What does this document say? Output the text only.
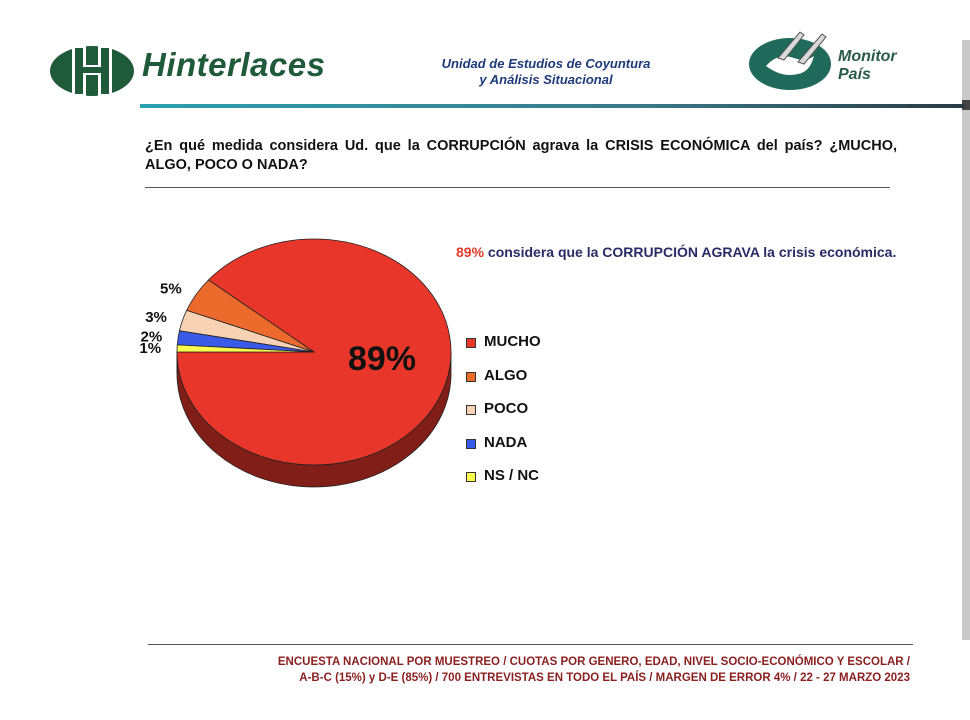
Hinterlaces	Unidad de Estudios de Coyuntura
y Análisis Situacional
Monitor
País
¿En qué medida considera Ud. que la CORRUPCIÓN agrava la CRISIS ECONÓMICA del país? ¿MUCHO, ALGO, POCO O NADA?
89%
5%
3%
2%
1%
89% considera que la CORRUPCIÓN AGRAVA la crisis económica.
MUCHO
ALGO
POCO
NADA
NS / NC
ENCUESTA NACIONAL POR MUESTREO / CUOTAS POR GENERO, EDAD, NIVEL SOCIO-ECONÓMICO Y ESCOLAR /
A-B-C (15%) y D-E (85%) / 700 ENTREVISTAS EN TODO EL PAÍS / MARGEN DE ERROR 4% / 22 - 27 MARZO 2023
